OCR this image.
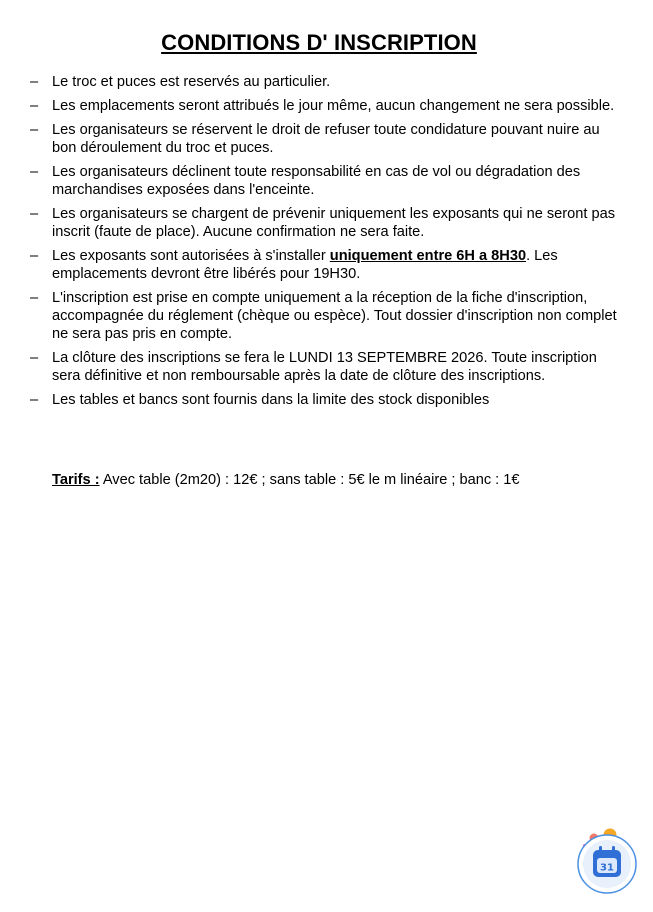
CONDITIONS D' INSCRIPTION
– Le troc et puces est reservés au particulier.
– Les emplacements seront attribués le jour même, aucun changement ne sera possible.
– Les organisateurs se réservent le droit de refuser toute condidature pouvant nuire au bon déroulement du troc et puces.
– Les organisateurs déclinent toute responsabilité en cas de vol ou dégradation des marchandises exposées dans l'enceinte.
– Les organisateurs se chargent de prévenir uniquement les exposants qui ne seront pas inscrit (faute de place). Aucune confirmation ne sera faite.
– Les exposants sont autorisées à s'installer uniquement entre 6H a 8H30. Les emplacements devront être libérés pour 19H30.
– L'inscription est prise en compte uniquement a la réception de la fiche d'inscription, accompagnée du réglement (chèque ou espèce). Tout dossier d'inscription non complet ne sera pas pris en compte.
– La clôture des inscriptions se fera le LUNDI 13 SEPTEMBRE 2026. Toute inscription sera définitive et non remboursable après la date de clôture des inscriptions.
– Les tables et bancs sont fournis dans la limite des stock disponibles
Tarifs : Avec table (2m20) : 12€ ; sans table : 5€ le m linéaire ; banc : 1€
31
